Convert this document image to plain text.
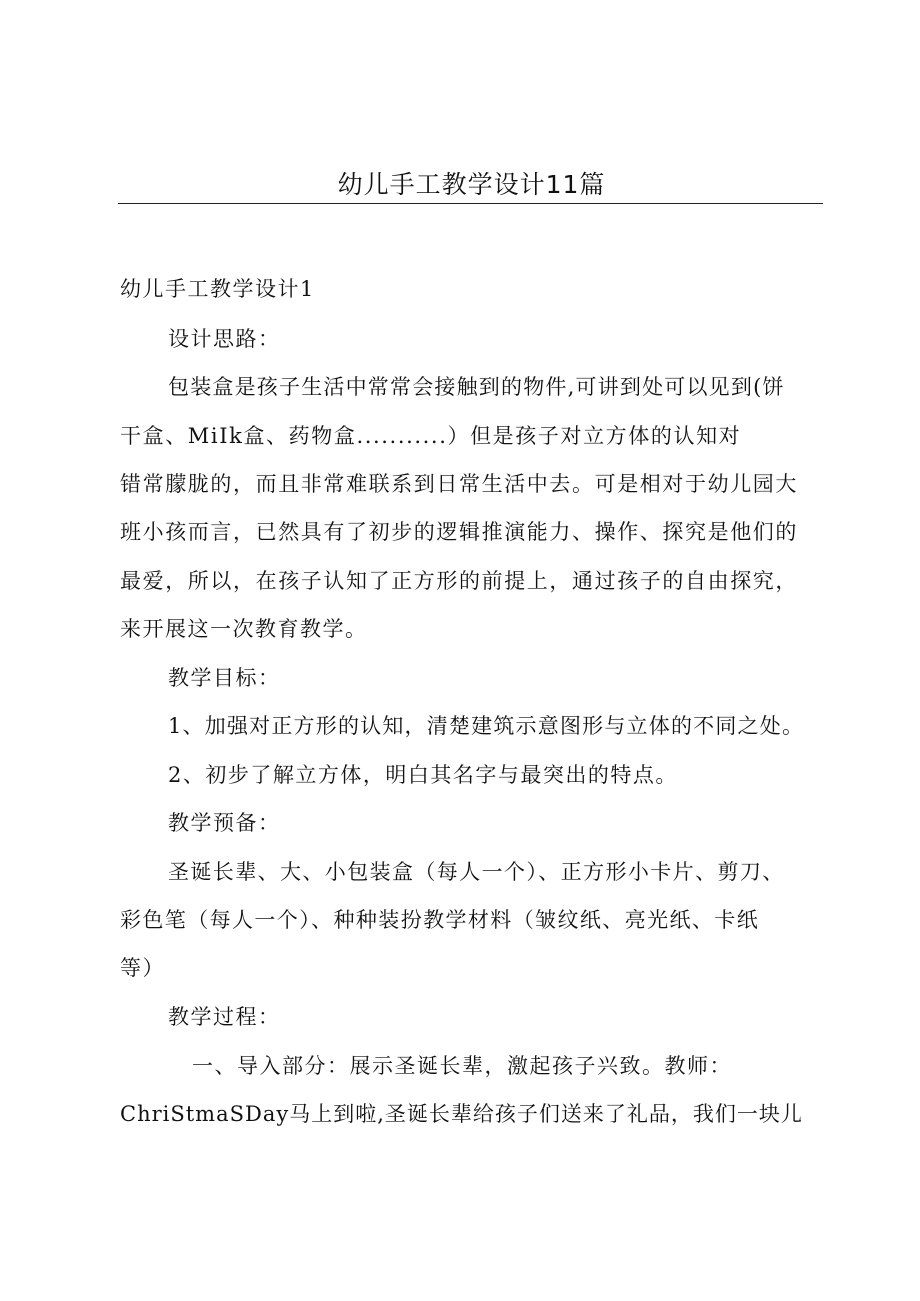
幼儿手工教学设计11篇
幼儿手工教学设计1
设计思路：
包装盒是孩子生活中常常会接触到的物件,可讲到处可以见到(饼
干盒、MiIk盒、药物盒...........）但是孩子对立方体的认知对
错常朦胧的，而且非常难联系到日常生活中去。可是相对于幼儿园大
班小孩而言，已然具有了初步的逻辑推演能力、操作、探究是他们的
最爱，所以，在孩子认知了正方形的前提上，通过孩子的自由探究，
来开展这一次教育教学。
教学目标：
1、加强对正方形的认知，清楚建筑示意图形与立体的不同之处。
2、初步了解立方体，明白其名字与最突出的特点。
教学预备：
圣诞长辈、大、小包装盒（每人一个）、正方形小卡片、剪刀、
彩色笔（每人一个）、种种装扮教学材料（皱纹纸、亮光纸、卡纸
等）
教学过程：
一、导入部分：展示圣诞长辈，激起孩子兴致。教师：
ChriStmaSDay马上到啦,圣诞长辈给孩子们送来了礼品，我们一块儿
